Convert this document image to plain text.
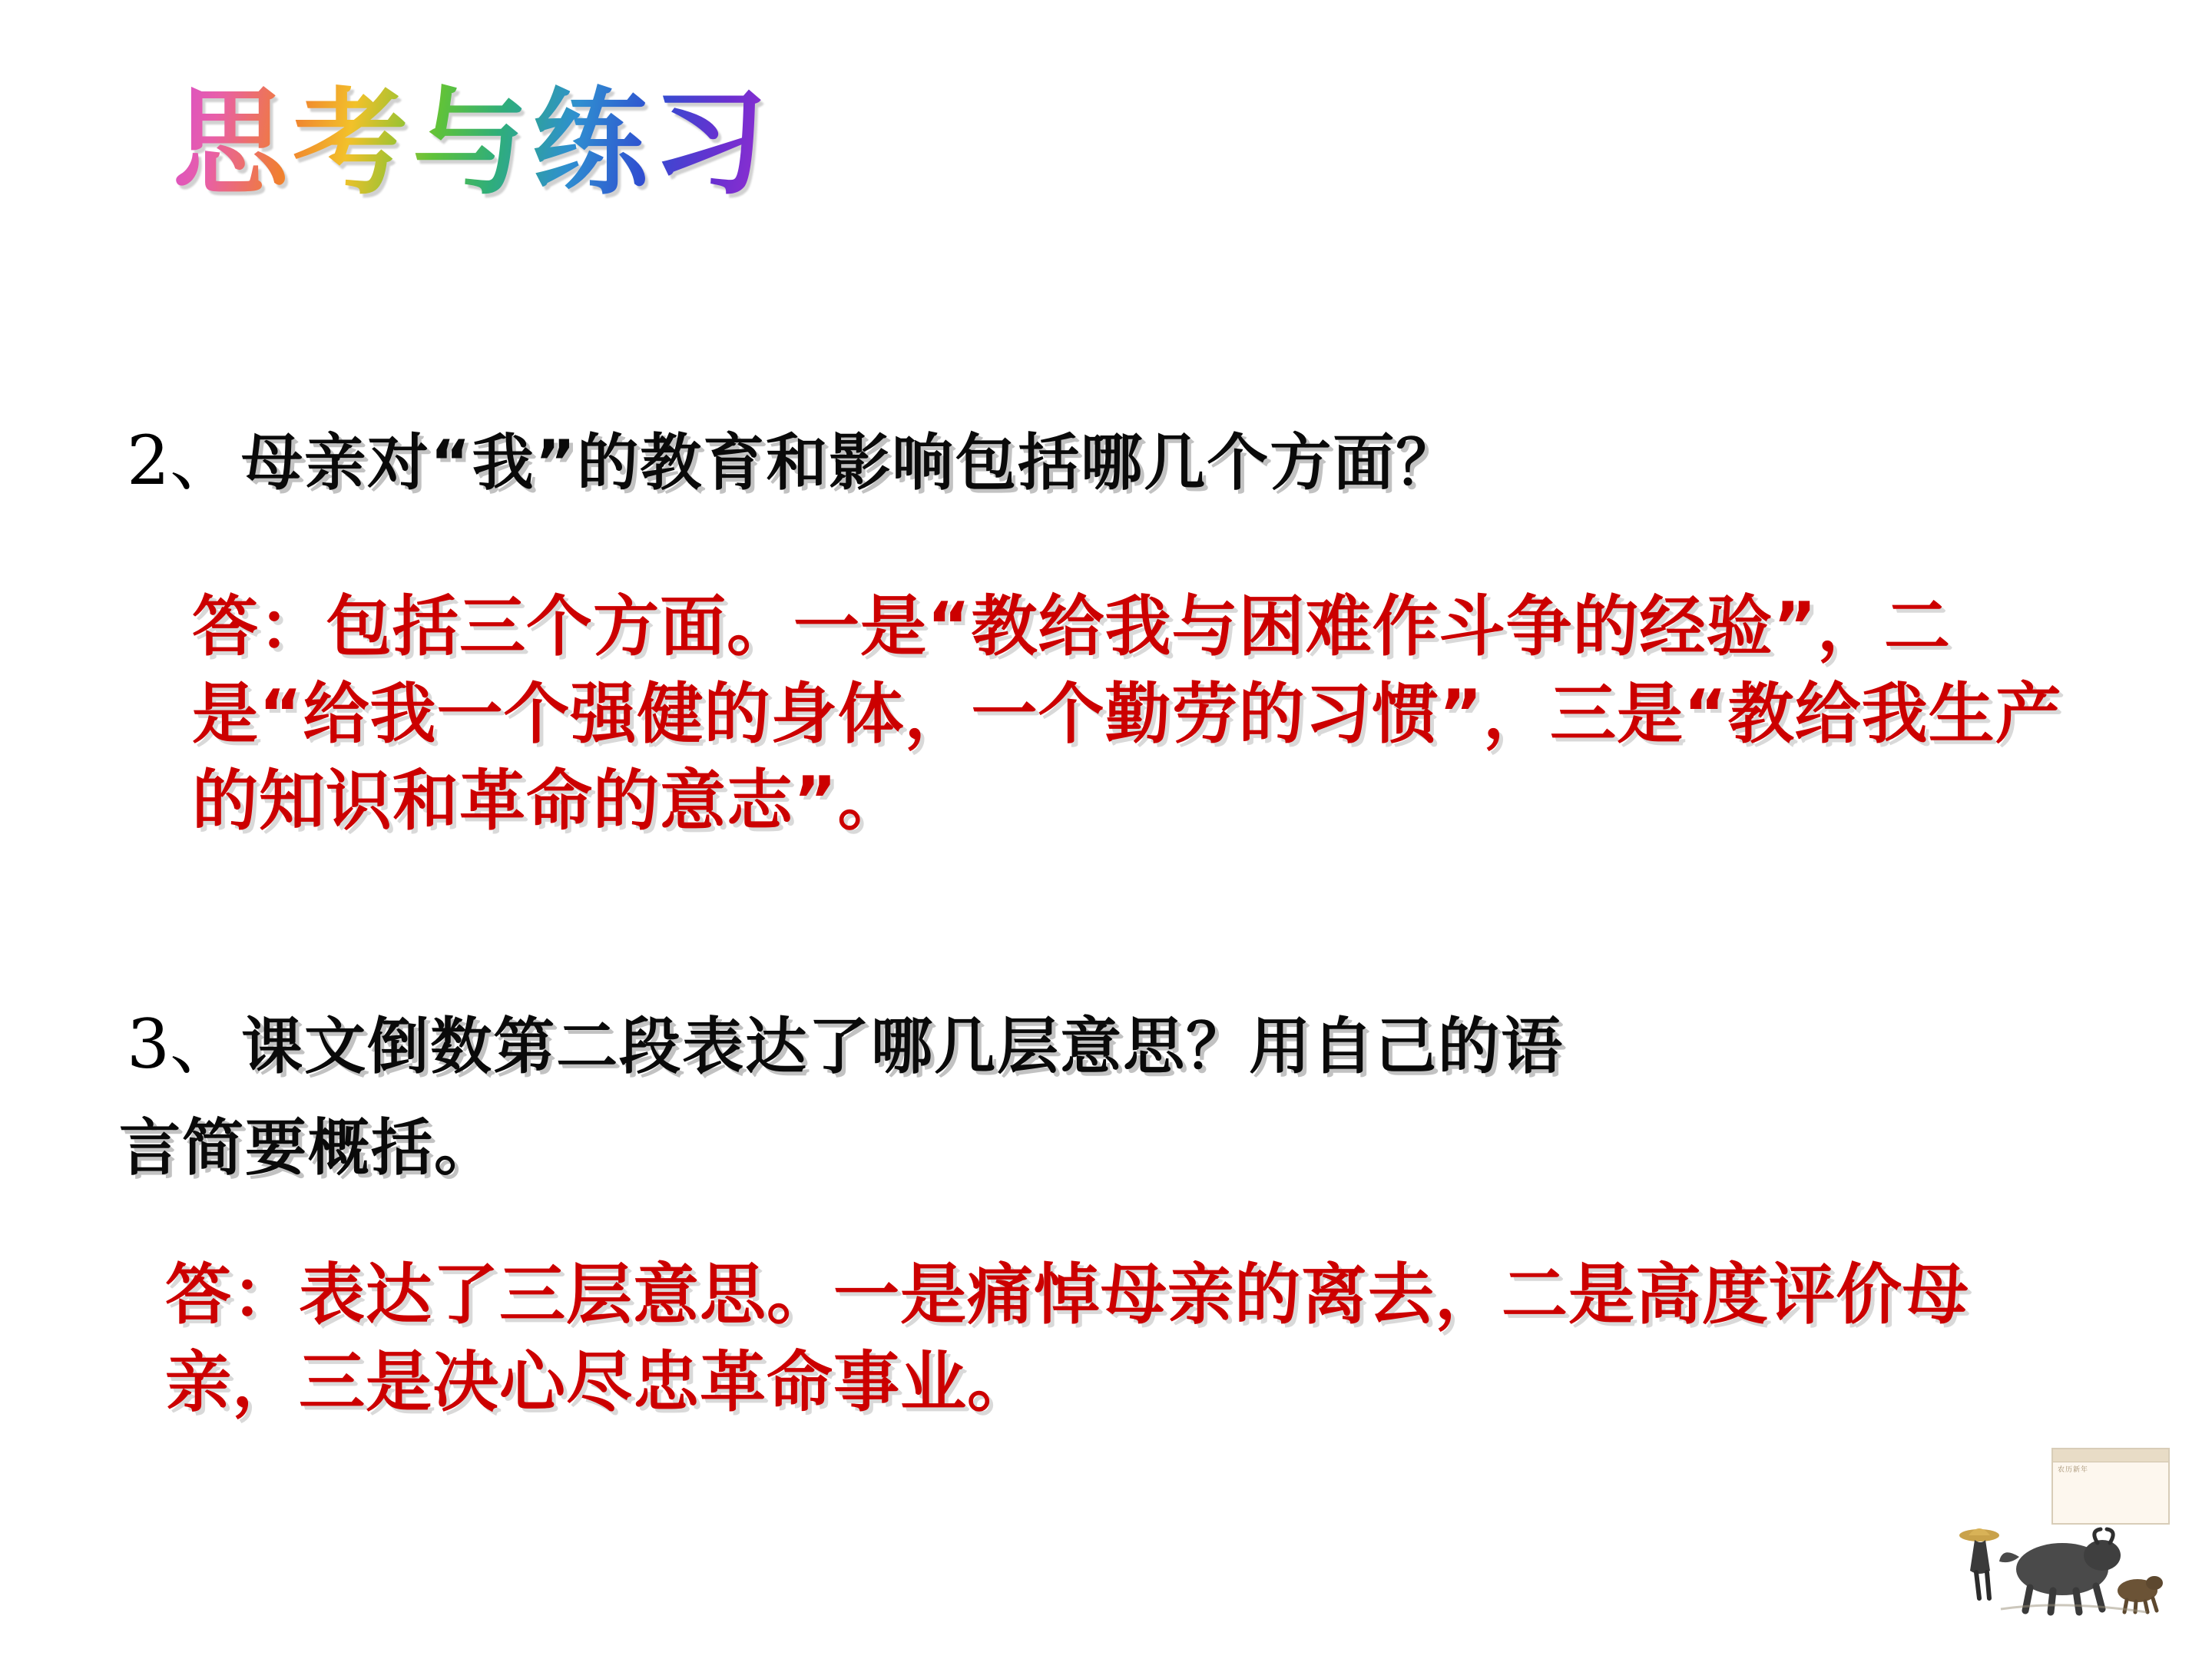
思考与练习
2、 母亲对“我”的教育和影响包括哪几个方面？
答：包括三个方面。一是“教给我与困难作斗争的经验”，二是“给我一个强健的身体，一个勤劳的习惯”，三是“教给我生产的知识和革命的意志”。
3、 课文倒数第二段表达了哪几层意思？用自己的语
言简要概括。
答：表达了三层意思。一是痛悼母亲的离去，二是高度评价母亲，三是决心尽忠革命事业。
农历新年
